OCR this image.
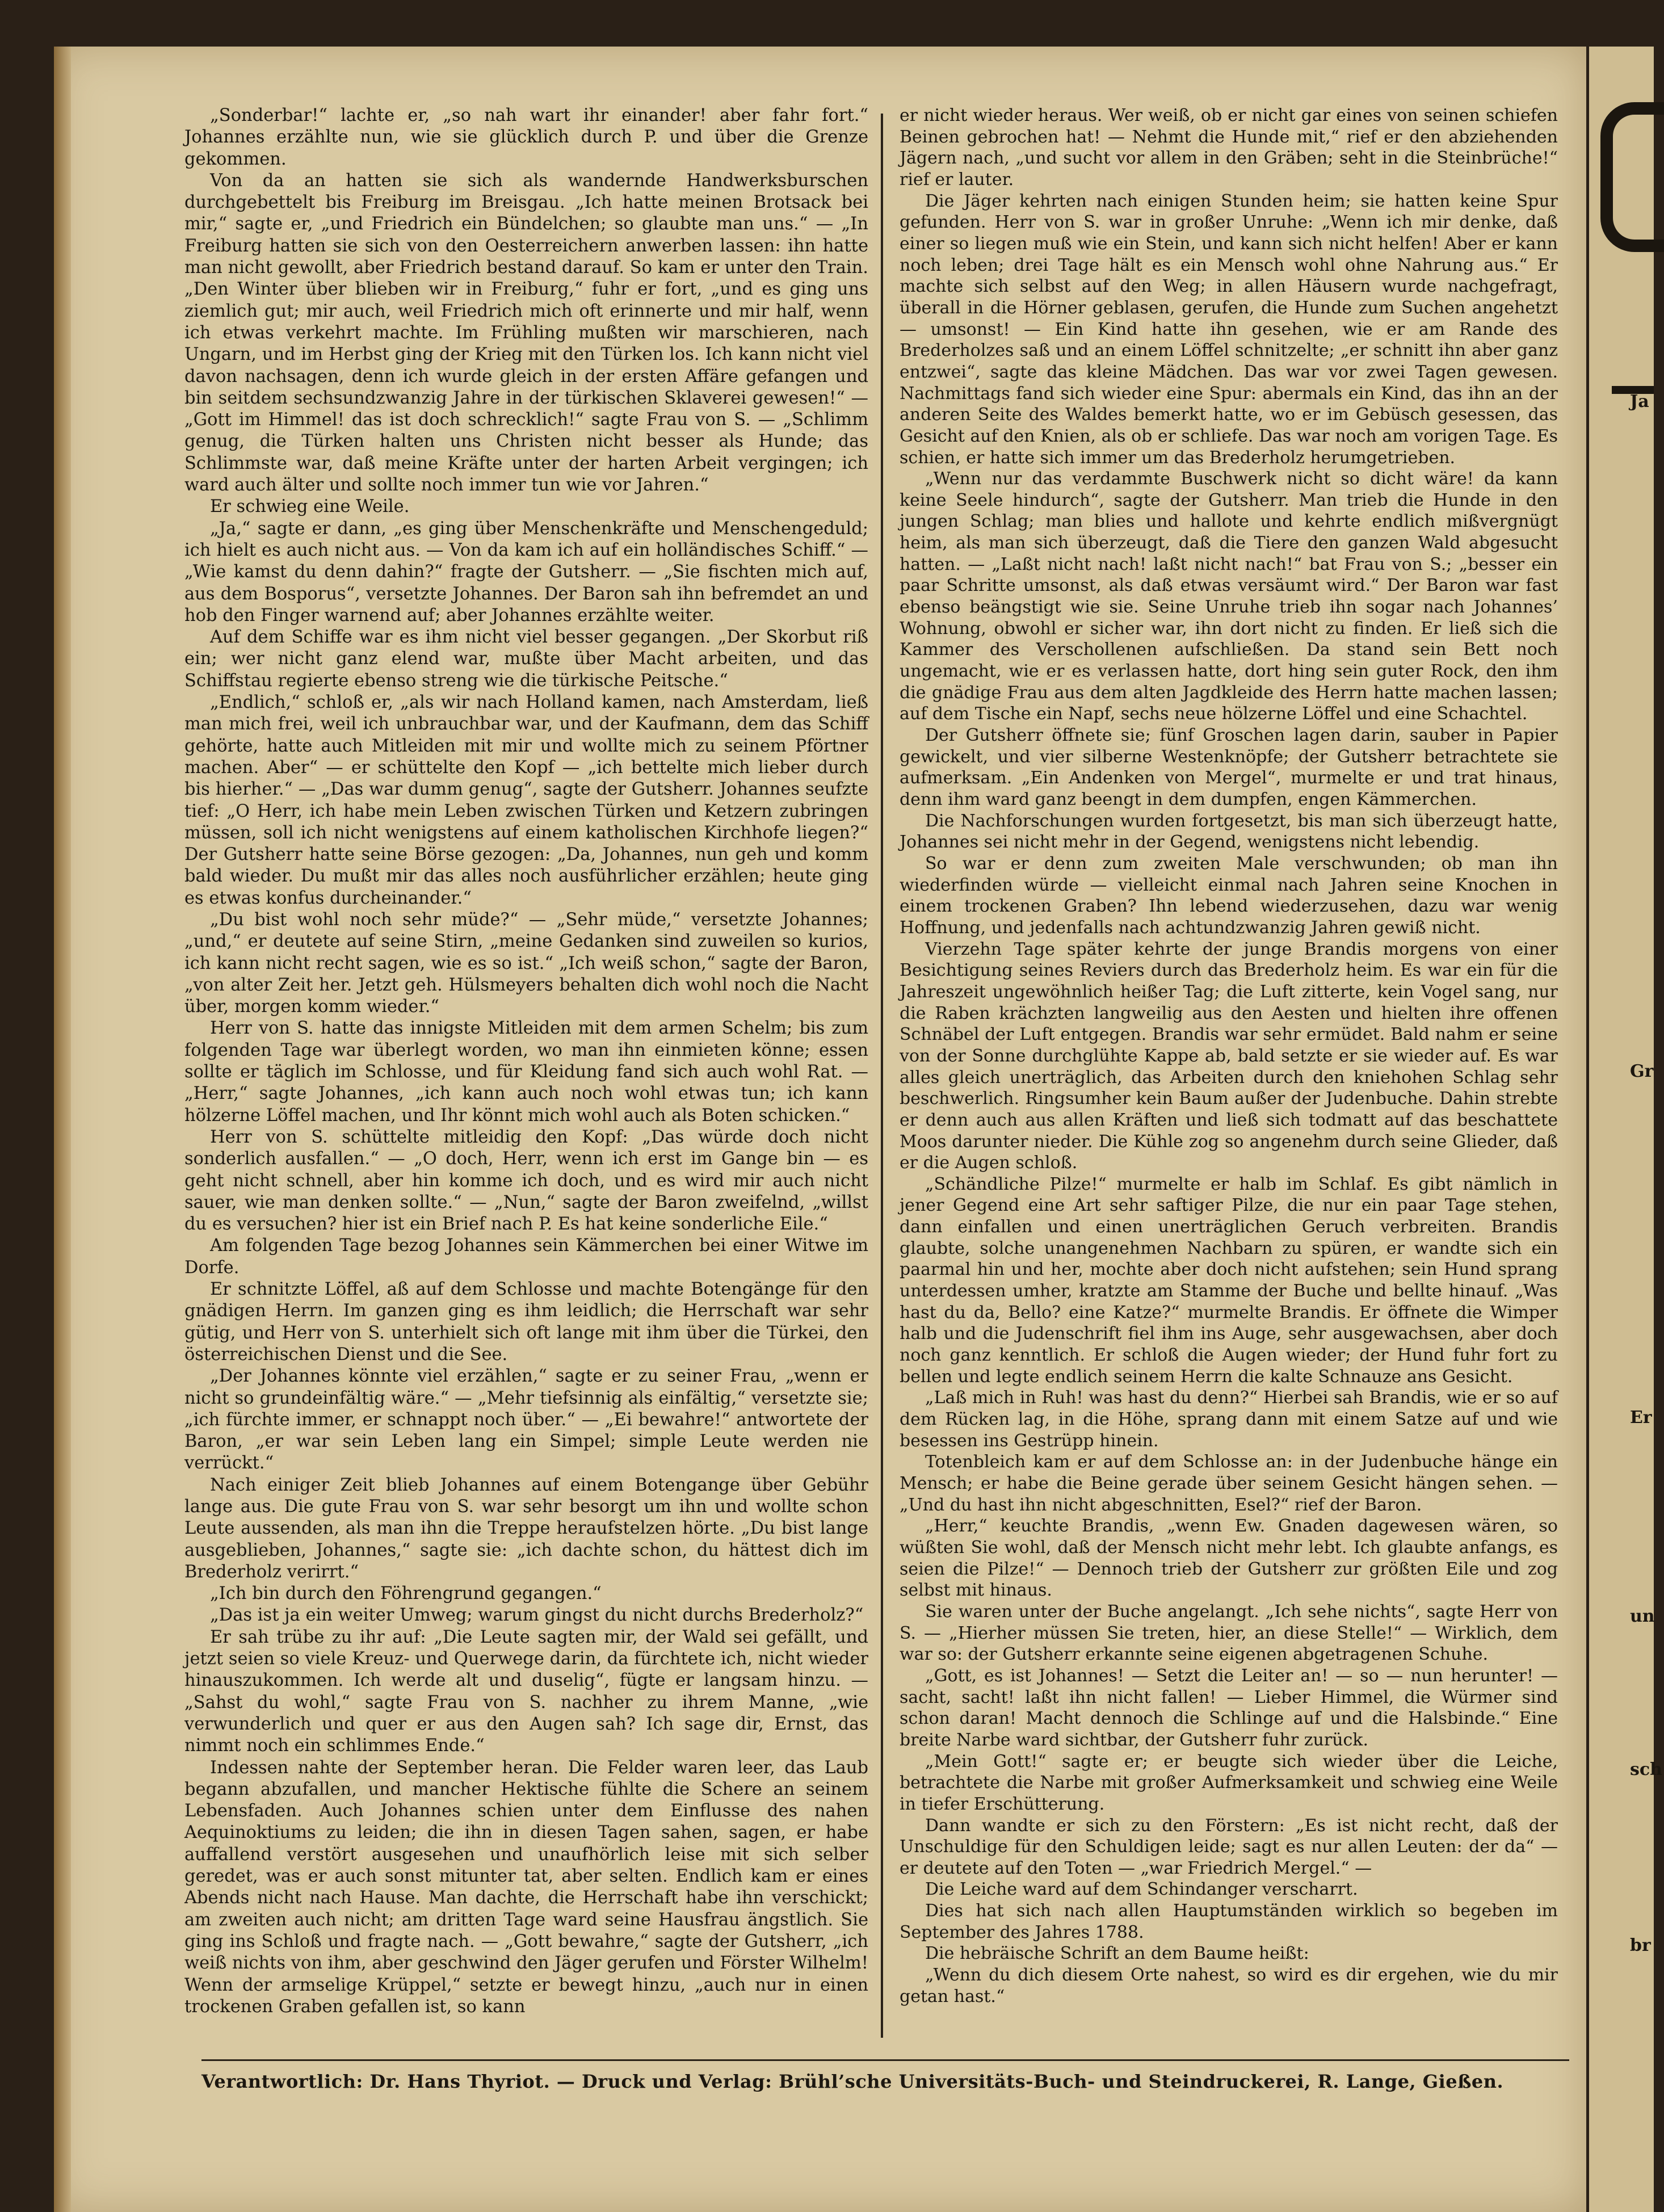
Ja
Gr
Er
un
sch
br

„Sonderbar!“ lachte er, „so nah wart ihr einander! aber fahr fort.“ Johannes erzählte nun, wie sie glücklich durch P. und über die Grenze gekommen.

Von da an hatten sie sich als wandernde Handwerksburschen durchgebettelt bis Freiburg im Breisgau. „Ich hatte meinen Brotsack bei mir,“ sagte er, „und Friedrich ein Bündelchen; so glaubte man uns.“ — „In Freiburg hatten sie sich von den Oesterreichern anwerben lassen: ihn hatte man nicht gewollt, aber Friedrich bestand darauf. So kam er unter den Train. „Den Winter über blieben wir in Freiburg,“ fuhr er fort, „und es ging uns ziemlich gut; mir auch, weil Friedrich mich oft erinnerte und mir half, wenn ich etwas verkehrt machte. Im Frühling mußten wir marschieren, nach Ungarn, und im Herbst ging der Krieg mit den Türken los. Ich kann nicht viel davon nachsagen, denn ich wurde gleich in der ersten Affäre gefangen und bin seitdem sechsundzwanzig Jahre in der türkischen Sklaverei gewesen!“ — „Gott im Himmel! das ist doch schrecklich!“ sagte Frau von S. — „Schlimm genug, die Türken halten uns Christen nicht besser als Hunde; das Schlimmste war, daß meine Kräfte unter der harten Arbeit vergingen; ich ward auch älter und sollte noch immer tun wie vor Jahren.“

Er schwieg eine Weile.

„Ja,“ sagte er dann, „es ging über Menschenkräfte und Menschengeduld; ich hielt es auch nicht aus. — Von da kam ich auf ein holländisches Schiff.“ — „Wie kamst du denn dahin?“ fragte der Gutsherr. — „Sie fischten mich auf, aus dem Bosporus“, versetzte Johannes. Der Baron sah ihn befremdet an und hob den Finger warnend auf; aber Johannes erzählte weiter.

Auf dem Schiffe war es ihm nicht viel besser gegangen. „Der Skorbut riß ein; wer nicht ganz elend war, mußte über Macht arbeiten, und das Schiffstau regierte ebenso streng wie die türkische Peitsche.“

„Endlich,“ schloß er, „als wir nach Holland kamen, nach Amsterdam, ließ man mich frei, weil ich unbrauchbar war, und der Kaufmann, dem das Schiff gehörte, hatte auch Mitleiden mit mir und wollte mich zu seinem Pförtner machen. Aber“ — er schüttelte den Kopf — „ich bettelte mich lieber durch bis hierher.“ — „Das war dumm genug“, sagte der Gutsherr. Johannes seufzte tief: „O Herr, ich habe mein Leben zwischen Türken und Ketzern zubringen müssen, soll ich nicht wenigstens auf einem katholischen Kirchhofe liegen?“ Der Gutsherr hatte seine Börse gezogen: „Da, Johannes, nun geh und komm bald wieder. Du mußt mir das alles noch ausführlicher erzählen; heute ging es etwas konfus durcheinander.“

„Du bist wohl noch sehr müde?“ — „Sehr müde,“ versetzte Johannes; „und,“ er deutete auf seine Stirn, „meine Gedanken sind zuweilen so kurios, ich kann nicht recht sagen, wie es so ist.“ „Ich weiß schon,“ sagte der Baron, „von alter Zeit her. Jetzt geh. Hülsmeyers behalten dich wohl noch die Nacht über, morgen komm wieder.“

Herr von S. hatte das innigste Mitleiden mit dem armen Schelm; bis zum folgenden Tage war überlegt worden, wo man ihn einmieten könne; essen sollte er täglich im Schlosse, und für Kleidung fand sich auch wohl Rat. — „Herr,“ sagte Johannes, „ich kann auch noch wohl etwas tun; ich kann hölzerne Löffel machen, und Ihr könnt mich wohl auch als Boten schicken.“

Herr von S. schüttelte mitleidig den Kopf: „Das würde doch nicht sonderlich ausfallen.“ — „O doch, Herr, wenn ich erst im Gange bin — es geht nicht schnell, aber hin komme ich doch, und es wird mir auch nicht sauer, wie man denken sollte.“ — „Nun,“ sagte der Baron zweifelnd, „willst du es versuchen? hier ist ein Brief nach P. Es hat keine sonderliche Eile.“

Am folgenden Tage bezog Johannes sein Kämmerchen bei einer Witwe im Dorfe.

Er schnitzte Löffel, aß auf dem Schlosse und machte Botengänge für den gnädigen Herrn. Im ganzen ging es ihm leidlich; die Herrschaft war sehr gütig, und Herr von S. unterhielt sich oft lange mit ihm über die Türkei, den österreichischen Dienst und die See.

„Der Johannes könnte viel erzählen,“ sagte er zu seiner Frau, „wenn er nicht so grundeinfältig wäre.“ — „Mehr tiefsinnig als einfältig,“ versetzte sie; „ich fürchte immer, er schnappt noch über.“ — „Ei bewahre!“ antwortete der Baron, „er war sein Leben lang ein Simpel; simple Leute werden nie verrückt.“

Nach einiger Zeit blieb Johannes auf einem Botengange über Gebühr lange aus. Die gute Frau von S. war sehr besorgt um ihn und wollte schon Leute aussenden, als man ihn die Treppe heraufstelzen hörte. „Du bist lange ausgeblieben, Johannes,“ sagte sie: „ich dachte schon, du hättest dich im Brederholz verirrt.“

„Ich bin durch den Föhrengrund gegangen.“

„Das ist ja ein weiter Umweg; warum gingst du nicht durchs Brederholz?“

Er sah trübe zu ihr auf: „Die Leute sagten mir, der Wald sei gefällt, und jetzt seien so viele Kreuz- und Querwege darin, da fürchtete ich, nicht wieder hinauszukommen. Ich werde alt und duselig“, fügte er langsam hinzu. — „Sahst du wohl,“ sagte Frau von S. nachher zu ihrem Manne, „wie verwunderlich und quer er aus den Augen sah? Ich sage dir, Ernst, das nimmt noch ein schlimmes Ende.“

Indessen nahte der September heran. Die Felder waren leer, das Laub begann abzufallen, und mancher Hektische fühlte die Schere an seinem Lebensfaden. Auch Johannes schien unter dem Einflusse des nahen Aequinoktiums zu leiden; die ihn in diesen Tagen sahen, sagen, er habe auffallend verstört ausgesehen und unaufhörlich leise mit sich selber geredet, was er auch sonst mitunter tat, aber selten. Endlich kam er eines Abends nicht nach Hause. Man dachte, die Herrschaft habe ihn verschickt; am zweiten auch nicht; am dritten Tage ward seine Hausfrau ängstlich. Sie ging ins Schloß und fragte nach. — „Gott bewahre,“ sagte der Gutsherr, „ich weiß nichts von ihm, aber geschwind den Jäger gerufen und Förster Wilhelm! Wenn der armselige Krüppel,“ setzte er bewegt hinzu, „auch nur in einen trockenen Graben gefallen ist, so kann

er nicht wieder heraus. Wer weiß, ob er nicht gar eines von seinen schiefen Beinen gebrochen hat! — Nehmt die Hunde mit,“ rief er den abziehenden Jägern nach, „und sucht vor allem in den Gräben; seht in die Steinbrüche!“ rief er lauter.

Die Jäger kehrten nach einigen Stunden heim; sie hatten keine Spur gefunden. Herr von S. war in großer Unruhe: „Wenn ich mir denke, daß einer so liegen muß wie ein Stein, und kann sich nicht helfen! Aber er kann noch leben; drei Tage hält es ein Mensch wohl ohne Nahrung aus.“ Er machte sich selbst auf den Weg; in allen Häusern wurde nachgefragt, überall in die Hörner geblasen, gerufen, die Hunde zum Suchen angehetzt — umsonst! — Ein Kind hatte ihn gesehen, wie er am Rande des Brederholzes saß und an einem Löffel schnitzelte; „er schnitt ihn aber ganz entzwei“, sagte das kleine Mädchen. Das war vor zwei Tagen gewesen. Nachmittags fand sich wieder eine Spur: abermals ein Kind, das ihn an der anderen Seite des Waldes bemerkt hatte, wo er im Gebüsch gesessen, das Gesicht auf den Knien, als ob er schliefe. Das war noch am vorigen Tage. Es schien, er hatte sich immer um das Brederholz herumgetrieben.

„Wenn nur das verdammte Buschwerk nicht so dicht wäre! da kann keine Seele hindurch“, sagte der Gutsherr. Man trieb die Hunde in den jungen Schlag; man blies und hallote und kehrte endlich mißvergnügt heim, als man sich überzeugt, daß die Tiere den ganzen Wald abgesucht hatten. — „Laßt nicht nach! laßt nicht nach!“ bat Frau von S.; „besser ein paar Schritte umsonst, als daß etwas versäumt wird.“ Der Baron war fast ebenso beängstigt wie sie. Seine Unruhe trieb ihn sogar nach Johannes’ Wohnung, obwohl er sicher war, ihn dort nicht zu finden. Er ließ sich die Kammer des Verschollenen aufschließen. Da stand sein Bett noch ungemacht, wie er es verlassen hatte, dort hing sein guter Rock, den ihm die gnädige Frau aus dem alten Jagdkleide des Herrn hatte machen lassen; auf dem Tische ein Napf, sechs neue hölzerne Löffel und eine Schachtel.

Der Gutsherr öffnete sie; fünf Groschen lagen darin, sauber in Papier gewickelt, und vier silberne Westenknöpfe; der Gutsherr betrachtete sie aufmerksam. „Ein Andenken von Mergel“, murmelte er und trat hinaus, denn ihm ward ganz beengt in dem dumpfen, engen Kämmerchen.

Die Nachforschungen wurden fortgesetzt, bis man sich überzeugt hatte, Johannes sei nicht mehr in der Gegend, wenigstens nicht lebendig.

So war er denn zum zweiten Male verschwunden; ob man ihn wiederfinden würde — vielleicht einmal nach Jahren seine Knochen in einem trockenen Graben? Ihn lebend wiederzusehen, dazu war wenig Hoffnung, und jedenfalls nach achtundzwanzig Jahren gewiß nicht.

Vierzehn Tage später kehrte der junge Brandis morgens von einer Besichtigung seines Reviers durch das Brederholz heim. Es war ein für die Jahreszeit ungewöhnlich heißer Tag; die Luft zitterte, kein Vogel sang, nur die Raben krächzten langweilig aus den Aesten und hielten ihre offenen Schnäbel der Luft entgegen. Brandis war sehr ermüdet. Bald nahm er seine von der Sonne durchglühte Kappe ab, bald setzte er sie wieder auf. Es war alles gleich unerträglich, das Arbeiten durch den kniehohen Schlag sehr beschwerlich. Ringsumher kein Baum außer der Judenbuche. Dahin strebte er denn auch aus allen Kräften und ließ sich todmatt auf das beschattete Moos darunter nieder. Die Kühle zog so angenehm durch seine Glieder, daß er die Augen schloß.

„Schändliche Pilze!“ murmelte er halb im Schlaf. Es gibt nämlich in jener Gegend eine Art sehr saftiger Pilze, die nur ein paar Tage stehen, dann einfallen und einen unerträglichen Geruch verbreiten. Brandis glaubte, solche unangenehmen Nachbarn zu spüren, er wandte sich ein paarmal hin und her, mochte aber doch nicht aufstehen; sein Hund sprang unterdessen umher, kratzte am Stamme der Buche und bellte hinauf. „Was hast du da, Bello? eine Katze?“ murmelte Brandis. Er öffnete die Wimper halb und die Judenschrift fiel ihm ins Auge, sehr ausgewachsen, aber doch noch ganz kenntlich. Er schloß die Augen wieder; der Hund fuhr fort zu bellen und legte endlich seinem Herrn die kalte Schnauze ans Gesicht.

„Laß mich in Ruh! was hast du denn?“ Hierbei sah Brandis, wie er so auf dem Rücken lag, in die Höhe, sprang dann mit einem Satze auf und wie besessen ins Gestrüpp hinein.

Totenbleich kam er auf dem Schlosse an: in der Judenbuche hänge ein Mensch; er habe die Beine gerade über seinem Gesicht hängen sehen. — „Und du hast ihn nicht abgeschnitten, Esel?“ rief der Baron.

„Herr,“ keuchte Brandis, „wenn Ew. Gnaden dagewesen wären, so wüßten Sie wohl, daß der Mensch nicht mehr lebt. Ich glaubte anfangs, es seien die Pilze!“ — Dennoch trieb der Gutsherr zur größten Eile und zog selbst mit hinaus.

Sie waren unter der Buche angelangt. „Ich sehe nichts“, sagte Herr von S. — „Hierher müssen Sie treten, hier, an diese Stelle!“ — Wirklich, dem war so: der Gutsherr erkannte seine eigenen abgetragenen Schuhe.

„Gott, es ist Johannes! — Setzt die Leiter an! — so — nun herunter! — sacht, sacht! laßt ihn nicht fallen! — Lieber Himmel, die Würmer sind schon daran! Macht dennoch die Schlinge auf und die Halsbinde.“ Eine breite Narbe ward sichtbar, der Gutsherr fuhr zurück.

„Mein Gott!“ sagte er; er beugte sich wieder über die Leiche, betrachtete die Narbe mit großer Aufmerksamkeit und schwieg eine Weile in tiefer Erschütterung.

Dann wandte er sich zu den Förstern: „Es ist nicht recht, daß der Unschuldige für den Schuldigen leide; sagt es nur allen Leuten: der da“ — er deutete auf den Toten — „war Friedrich Mergel.“ —

Die Leiche ward auf dem Schindanger verscharrt.

Dies hat sich nach allen Hauptumständen wirklich so begeben im September des Jahres 1788.

Die hebräische Schrift an dem Baume heißt:

„Wenn du dich diesem Orte nahest, so wird es dir ergehen, wie du mir getan hast.“

Verantwortlich: Dr. Hans Thyriot. — Druck und Verlag: Brühl’sche Universitäts-Buch- und Steindruckerei, R. Lange, Gießen.
